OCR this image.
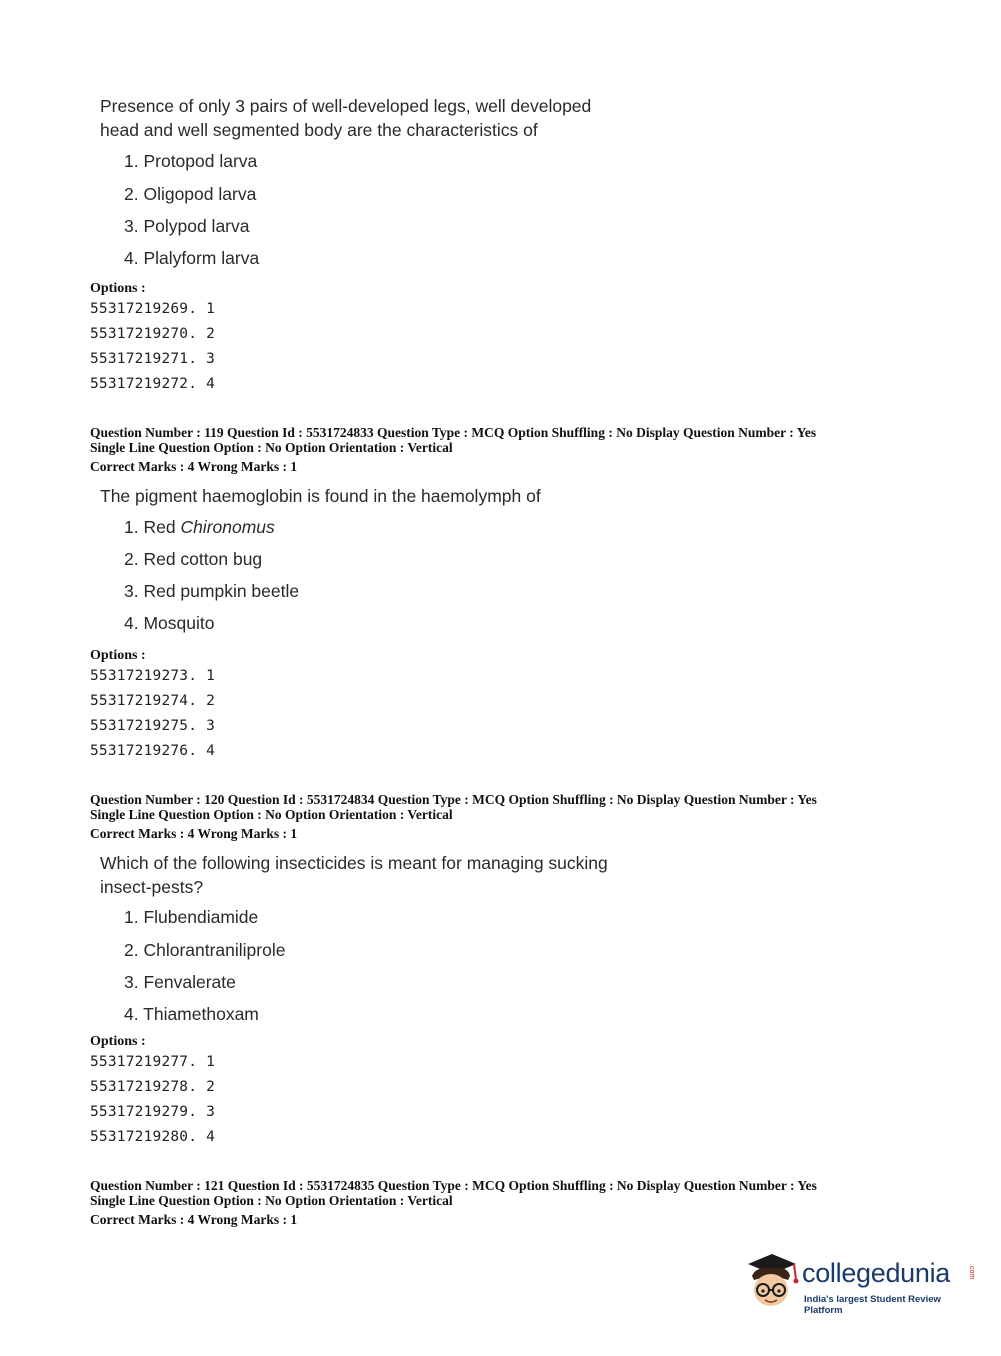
Presence of only 3 pairs of well-developed legs, well developed
head and well segmented body are the characteristics of
1. Protopod larva
2. Oligopod larva
3. Polypod larva
4. Plalyform larva
Options :
55317219269. 1
55317219270. 2
55317219271. 3
55317219272. 4
Question Number : 119 Question Id : 5531724833 Question Type : MCQ Option Shuffling : No Display Question Number : Yes
Single Line Question Option : No Option Orientation : Vertical
Correct Marks : 4 Wrong Marks : 1
The pigment haemoglobin is found in the haemolymph of
1. Red Chironomus
2. Red cotton bug
3. Red pumpkin beetle
4. Mosquito
Options :
55317219273. 1
55317219274. 2
55317219275. 3
55317219276. 4
Question Number : 120 Question Id : 5531724834 Question Type : MCQ Option Shuffling : No Display Question Number : Yes
Single Line Question Option : No Option Orientation : Vertical
Correct Marks : 4 Wrong Marks : 1
Which of the following insecticides is meant for managing sucking
insect-pests?
1. Flubendiamide
2. Chlorantraniliprole
3. Fenvalerate
4. Thiamethoxam
Options :
55317219277. 1
55317219278. 2
55317219279. 3
55317219280. 4
Question Number : 121 Question Id : 5531724835 Question Type : MCQ Option Shuffling : No Display Question Number : Yes
Single Line Question Option : No Option Orientation : Vertical
Correct Marks : 4 Wrong Marks : 1
collegedunia	.com
India's largest Student Review Platform
